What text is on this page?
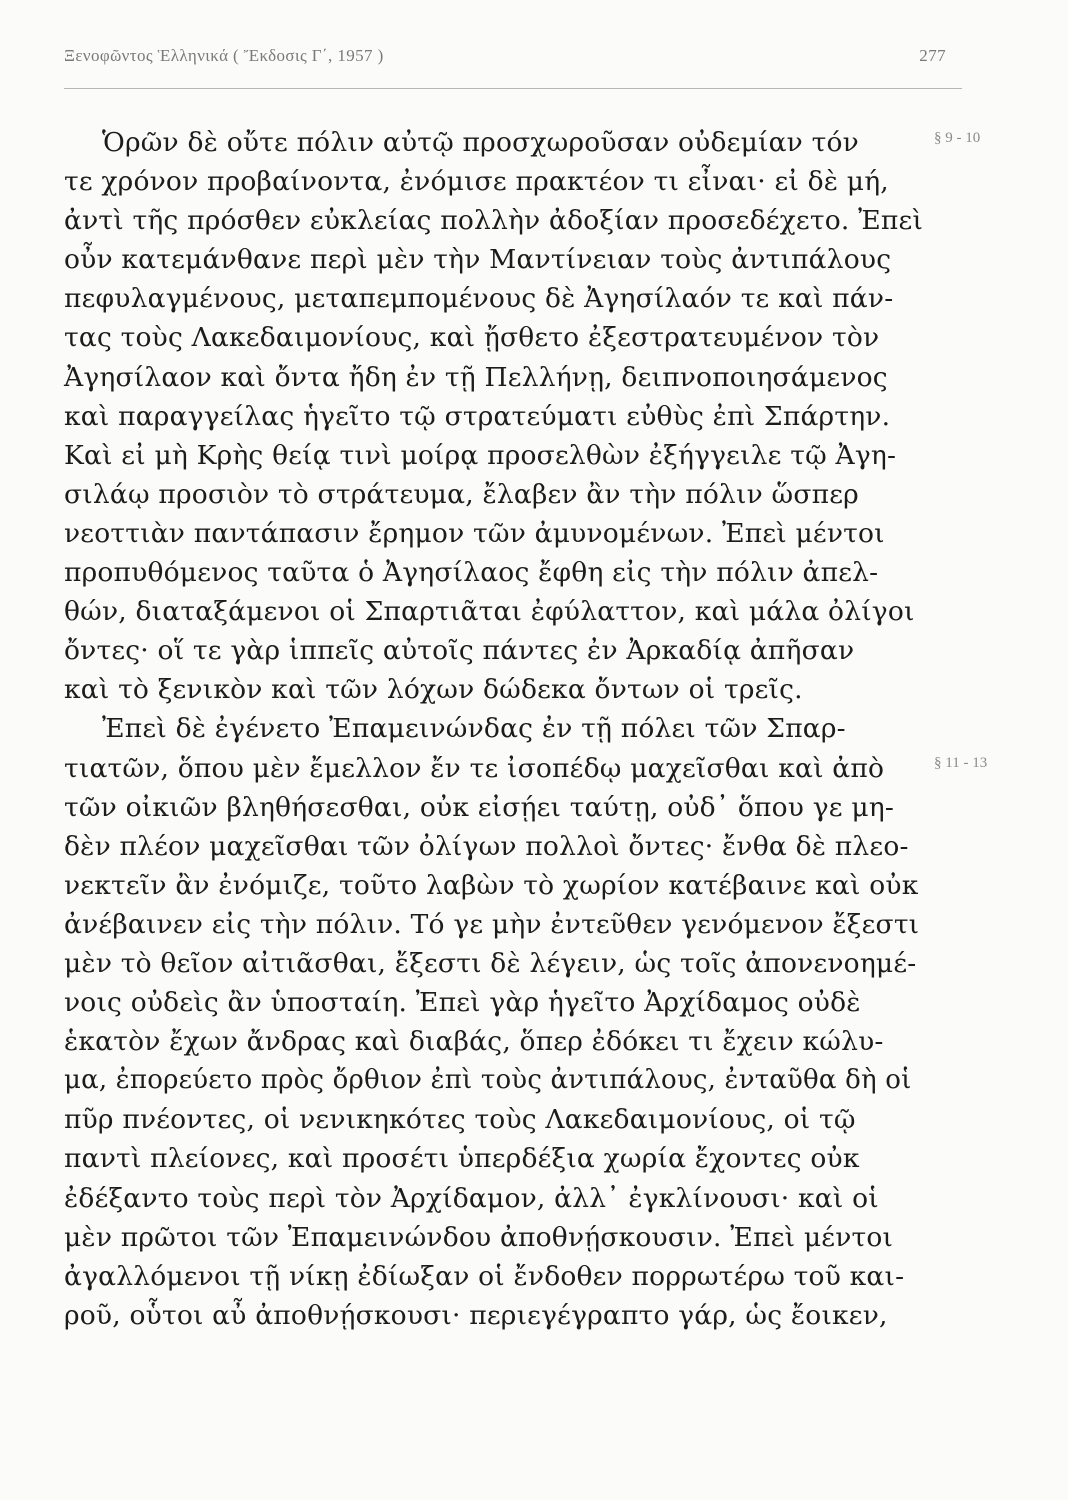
Ξενοφῶντος Ἑλληνικά ( Ἔκδοσις Γ΄, 1957 )	277
§ 9 - 10
§ 11 - 13
Ὁρῶν δὲ οὔτε πόλιν αὐτῷ προσχωροῦσαν οὐδεμίαν τόν
τε χρόνον προβαίνοντα, ἐνόμισε πρακτέον τι εἶναι· εἰ δὲ μή,
ἀντὶ τῆς πρόσθεν εὐκλείας πολλὴν ἀδοξίαν προσεδέχετο. Ἐπεὶ
οὖν κατεμάνθανε περὶ μὲν τὴν Μαντίνειαν τοὺς ἀντιπάλους
πεφυλαγμένους, μεταπεμπομένους δὲ Ἀγησίλαόν τε καὶ πάν-
τας τοὺς Λακεδαιμονίους, καὶ ᾔσθετο ἐξεστρατευμένον τὸν
Ἀγησίλαον καὶ ὄντα ἤδη ἐν τῇ Πελλήνῃ, δειπνοποιησάμενος
καὶ παραγγείλας ἡγεῖτο τῷ στρατεύματι εὐθὺς ἐπὶ Σπάρτην.
Καὶ εἰ μὴ Κρὴς θείᾳ τινὶ μοίρᾳ προσελθὼν ἐξήγγειλε τῷ Ἀγη-
σιλάῳ προσιὸν τὸ στράτευμα, ἔλαβεν ἂν τὴν πόλιν ὥσπερ
νεοττιὰν παντάπασιν ἔρημον τῶν ἀμυνομένων. Ἐπεὶ μέντοι
προπυθόμενος ταῦτα ὁ Ἀγησίλαος ἔφθη εἰς τὴν πόλιν ἀπελ-
θών, διαταξάμενοι οἱ Σπαρτιᾶται ἐφύλαττον, καὶ μάλα ὀλίγοι
ὄντες· οἵ τε γὰρ ἱππεῖς αὐτοῖς πάντες ἐν Ἀρκαδίᾳ ἀπῆσαν
καὶ τὸ ξενικὸν καὶ τῶν λόχων δώδεκα ὄντων οἱ τρεῖς.
Ἐπεὶ δὲ ἐγένετο Ἐπαμεινώνδας ἐν τῇ πόλει τῶν Σπαρ-
τιατῶν, ὅπου μὲν ἔμελλον ἔν τε ἰσοπέδῳ μαχεῖσθαι καὶ ἀπὸ
τῶν οἰκιῶν βληθήσεσθαι, οὐκ εἰσῄει ταύτῃ, οὐδ᾽ ὅπου γε μη-
δὲν πλέον μαχεῖσθαι τῶν ὀλίγων πολλοὶ ὄντες· ἔνθα δὲ πλεο-
νεκτεῖν ἂν ἐνόμιζε, τοῦτο λαβὼν τὸ χωρίον κατέβαινε καὶ οὐκ
ἀνέβαινεν εἰς τὴν πόλιν. Τό γε μὴν ἐντεῦθεν γενόμενον ἔξεστι
μὲν τὸ θεῖον αἰτιᾶσθαι, ἔξεστι δὲ λέγειν, ὡς τοῖς ἀπονενοημέ-
νοις οὐδεὶς ἂν ὑποσταίη. Ἐπεὶ γὰρ ἡγεῖτο Ἀρχίδαμος οὐδὲ
ἑκατὸν ἔχων ἄνδρας καὶ διαβάς, ὅπερ ἐδόκει τι ἔχειν κώλυ-
μα, ἐπορεύετο πρὸς ὄρθιον ἐπὶ τοὺς ἀντιπάλους, ἐνταῦθα δὴ οἱ
πῦρ πνέοντες, οἱ νενικηκότες τοὺς Λακεδαιμονίους, οἱ τῷ
παντὶ πλείονες, καὶ προσέτι ὑπερδέξια χωρία ἔχοντες οὐκ
ἐδέξαντο τοὺς περὶ τὸν Ἀρχίδαμον, ἀλλ᾽ ἐγκλίνουσι· καὶ οἱ
μὲν πρῶτοι τῶν Ἐπαμεινώνδου ἀποθνῄσκουσιν. Ἐπεὶ μέντοι
ἀγαλλόμενοι τῇ νίκῃ ἐδίωξαν οἱ ἔνδοθεν πορρωτέρω τοῦ και-
ροῦ, οὗτοι αὖ ἀποθνῄσκουσι· περιεγέγραπτο γάρ, ὡς ἔοικεν,
